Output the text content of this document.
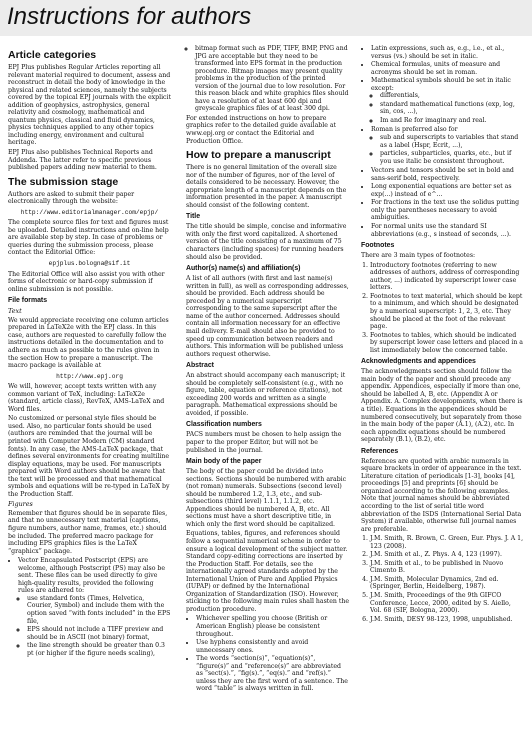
Instructions for authors
Article categories

EPJ Plus publishes Regular Articles reporting all relevant material required to document, assess and reconstruct in detail the body of knowledge in the physical and related sciences, namely the subjects covered by the topical EPJ journals with the explicit addition of geophysics, astrophysics, general relativity and cosmology, mathematical and quantum physics, classical and fluid dynamics, physics techniques applied to any other topics including energy, environment and cultural heritage.

EPJ Plus also publishes Technical Reports and Addenda. The latter refer to specific previous published papers adding new material to them.

The submission stage

Authors are asked to submit their paper electronically through the website:

http://www.editorialmanager.com/epjp/

The complete source files for text and figures must be uploaded. Detailed instructions and on-line help are available step by step. In case of problems or queries during the submission process, please contact the Editorial Office:

epjplus.bologna@sif.it

The Editorial Office will also assist you with other forms of electronic or hard-copy submission if online submission is not possible.

File formats
Text

We would appreciate receiving one column articles prepared in LaTeX2e with the EPJ class. In this case, authors are requested to carefully follow the instructions detailed in the documentation and to adhere as much as possible to the rules given in the section How to prepare a manuscript. The macro package is available at

http://www.epj.org

We will, however, accept texts written with any common variant of TeX, including: LaTeX2e (standard, article class), RevTeX, AMS-LaTeX and Word files.

No customized or personal style files should be used. Also, no particular fonts should be used (authors are reminded that the journal will be printed with Computer Modern (CM) standard fonts). In any case, the AMS-LaTeX package, that defines several environments for creating multiline display equations, may be used. For manuscripts prepared with Word authors should be aware that the text will be processed and that mathematical symbols and equations will be re-typed in LaTeX by the Production Staff.

Figures

Remember that figures should be in separate files, and that no unnecessary text material (captions, figure numbers, author name, frames, etc.) should be included. The preferred macro package for including EPS graphics files is the LaTeX “graphicx” package.

• Vector Encapsulated Postscript (EPS) are welcome, although Postscript (PS) may also be sent. These files can be used directly to give high-quality results, provided the following rules are adhered to:
◦ use standard fonts (Times, Helvetica, Courier, Symbol) and include them with the option saved “with fonts included” in the EPS file,
◦ EPS should not include a TIFF preview and should be in ASCII (not binary) format,
◦ the line strength should be greater than 0.3 pt (or higher if the figure needs scaling),
◦ bitmap format such as PDF, TIFF, BMP, PNG and JPG are acceptable but they need to be transformed into EPS format in the production procedure. Bitmap images may present quality problems in the production of the printed version of the journal due to low resolution. For this reason black and white graphics files should have a resolution of at least 600 dpi and greyscale graphics files of at least 300 dpi.

For extended instructions on how to prepare graphics refer to the detailed guide available at www.epj.org or contact the Editorial and Production Office.

How to prepare a manuscript

There is no general limitation of the overall size nor of the number of figures, nor of the level of details considered to be necessary. However, the appropriate length of a manuscript depends on the information presented in the paper. A manuscript should consist of the following content.

Title

The title should be simple, concise and informative with only the first word capitalized. A shortened version of the title consisting of a maximum of 75 characters (including spaces) for running headers should also be provided.

Author(s) name(s) and affiliation(s)

A list of all authors (with first and last name(s) written in full), as well as corresponding addresses, should be provided. Each address should be preceded by a numerical superscript corresponding to the same superscript after the name of the author concerned. Addresses should contain all information necessary for an effective mail delivery. E-mail should also be provided to speed up communication between readers and authors. This information will be published unless authors request otherwise.

Abstract

An abstract should accompany each manuscript; it should be completely self-consistent (e.g., with no figure, table, equation or reference citations), not exceeding 200 words and written as a single paragraph. Mathematical expressions should be avoided, if possible.

Classification numbers

PACS numbers must be chosen to help assign the paper to the proper Editor, but will not be published in the journal.

Main body of the paper

The body of the paper could be divided into sections. Sections should be numbered with arabic (not roman) numerals. Subsections (second level) should be numbered 1.2, 1.3, etc., and sub-subsections (third level) 1.1.1, 1.1.2, etc. Appendices should be numbered A, B, etc. All sections must have a short descriptive title, in which only the first word should be capitalized.

Equations, tables, figures, and references should follow a sequential numerical scheme in order to ensure a logical development of the subject matter. Standard copy-editing corrections are inserted by the Production Staff. For details, see the internationally agreed standards adopted by the International Union of Pure and Applied Physics (IUPAP) or defined by the International Organization of Standardization (ISO). However, sticking to the following main rules shall hasten the production procedure.

• Whichever spelling you choose (British or American English) please be consistent throughout.
• Use hyphens consistently and avoid unnecessary ones.
• The words “section(s)”, “equation(s)”, “figure(s)” and “reference(s)” are abbreviated as “sect(s).”, “fig(s).”, “eq(s).” and “ref(s).” unless they are the first word of a sentence. The word “table” is always written in full.
• Latin expressions, such as, e.g., i.e., et al., versus (vs.) should be set in italic.
• Chemical formulas, units of measure and acronyms should be set in roman.
• Mathematical symbols should be set in italic except:
◦ differentials,
◦ standard mathematical functions (exp, log, sin, cos, ...),
◦ Im and Re for imaginary and real.
• Roman is preferred also for
◦ sub and superscripts to variables that stand as a label (Hspr, Ecrit, ...),
◦ particles, subparticles, quarks, etc., but if you use italic be consistent throughout.
• Vectors and tensors should be set in bold and sans-serif bold, respectively.
• Long exponential equations are better set as exp(...) instead of e^...
• For fractions in the text use the solidus putting only the parentheses necessary to avoid ambiguities.
• For normal units use the standard SI abbreviations (e.g., s instead of seconds, ...).
Footnotes

There are 3 main types of footnotes:

1. Introductory footnotes (referring to new addresses of authors, address of corresponding author, ...) indicated by superscript lower case letters.
2. Footnotes to text material, which should be kept to a minimum, and which should be designated by a numerical superscript: 1, 2, 3, etc. They should be placed at the foot of the relevant page.
3. Footnotes to tables, which should be indicated by superscript lower case letters and placed in a list immediately below the concerned table.
Acknowledgments and appendices

The acknowledgments section should follow the main body of the paper and should precede any appendix. Appendices, especially if more than one, should be labelled A, B, etc. (Appendix A or Appendix. A. Complex developments, when there is a title). Equations in the appendices should be numbered consecutively, but separately from those in the main body of the paper (A.1), (A.2), etc. In each appendix equations should be numbered separately (B.1), (B.2), etc.

References

References are quoted with arabic numerals in square brackets in order of appearance in the text. Literature citation of periodicals [1-3], books [4], proceedings [5] and preprints [6] should be organized according to the following examples. Note that journal names should be abbreviated according to the list of serial title word abbreviation of the ISDS (International Serial Data System) if available, otherwise full journal names are preferable.

1. J.M. Smith, R. Brown, C. Green, Eur. Phys. J. A 1, 123 (2008).
2. J.M. Smith et al., Z. Phys. A 4, 123 (1997).
3. J.M. Smith et al., to be published in Nuovo Cimento B.
4. J.M. Smith, Molecular Dynamics, 2nd ed. (Springer, Berlin, Heidelberg, 1987).
5. J.M. Smith, Proceedings of the 9th GIFCO Conference, Lecce, 2000, edited by S. Aiello, Vol. 68 (SIF, Bologna, 2000).
6. J.M. Smith, DESY 98-123, 1998, unpublished.
